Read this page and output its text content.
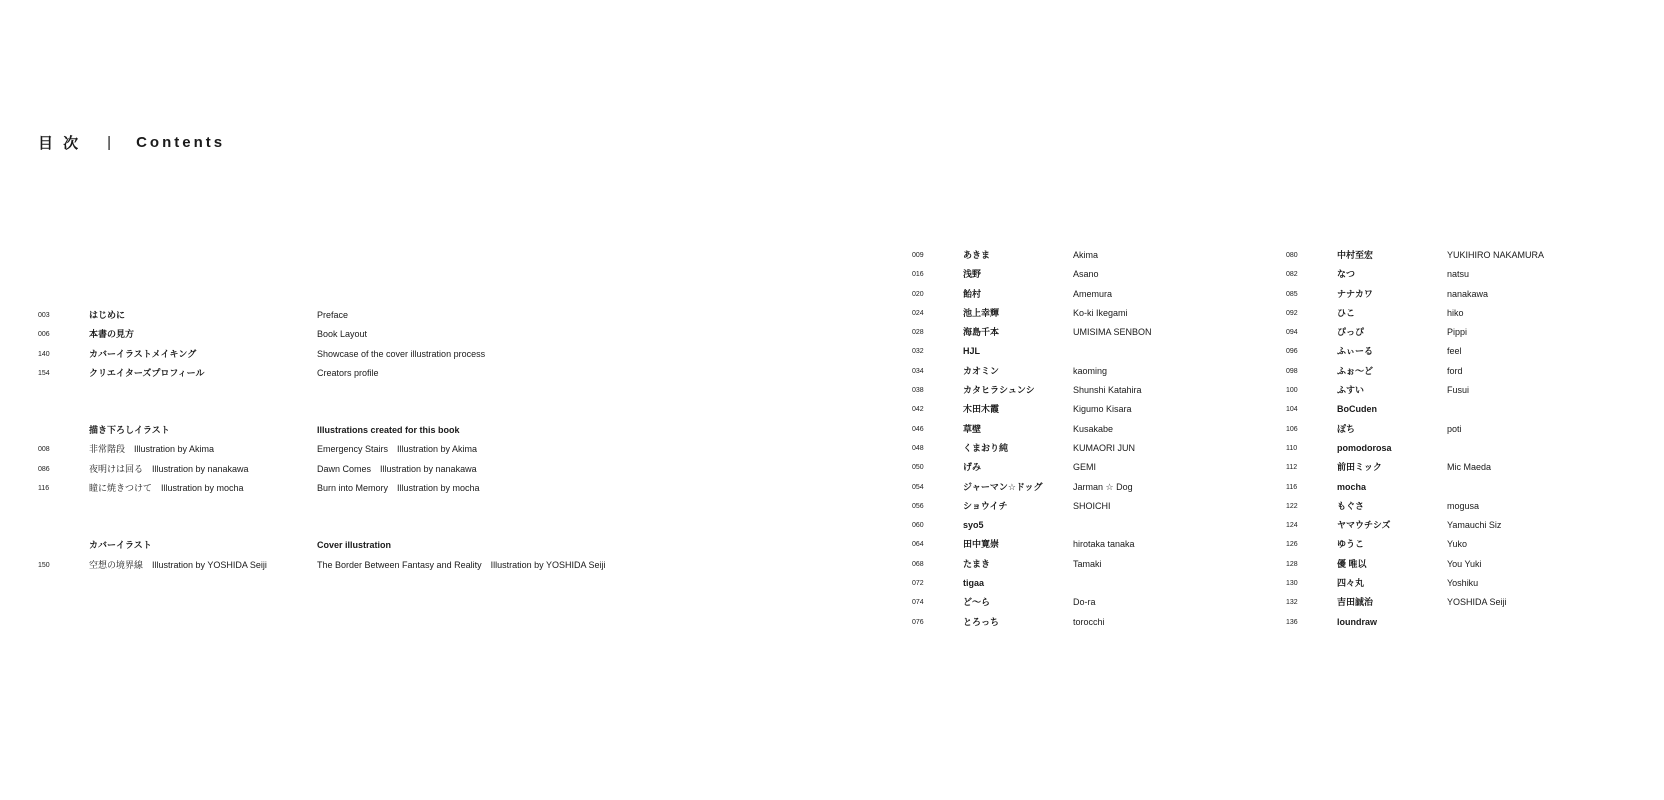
目 次 | Contents
003	はじめに	Preface
006	本書の見方	Book Layout
140	カバーイラストメイキング	Showcase of the cover illustration process
154	クリエイターズプロフィール	Creators profile
描き下ろしイラスト	Illustrations created for this book
008	非常階段　Illustration by Akima	Emergency Stairs　Illustration by Akima
086	夜明けは回る　Illustration by nanakawa	Dawn Comes　Illustration by nanakawa
116	瞳に焼きつけて　Illustration by mocha	Burn into Memory　Illustration by mocha
カバーイラスト	Cover illustration
150	空想の境界線　Illustration by YOSHIDA Seiji	The Border Between Fantasy and Reality　Illustration by YOSHIDA Seiji
009	あきま	Akima
016	浅野	Asano
020	飴村	Amemura
024	池上幸輝	Ko-ki Ikegami
028	海島千本	UMISIMA SENBON
032	HJL
034	カオミン	kaoming
038	カタヒラシュンシ	Shunshi Katahira
042	木田木霞	Kigumo Kisara
046	草壁	Kusakabe
048	くまおり純	KUMAORI JUN
050	げみ	GEMI
054	ジャーマン☆ドッグ	Jarman ☆ Dog
056	ショウイチ	SHOICHI
060	syo5
064	田中寛崇	hirotaka tanaka
068	たまき	Tamaki
072	tigaa
074	ど〜ら	Do-ra
076	とろっち	torocchi
080	中村至宏	YUKIHIRO NAKAMURA
082	なつ	natsu
085	ナナカワ	nanakawa
092	ひこ	hiko
094	ぴっぴ	Pippi
096	ふぃーる	feel
098	ふぉ〜ど	ford
100	ふすい	Fusui
104	BoCuden
106	ぽち	poti
110	pomodorosa
112	前田ミック	Mic Maeda
116	mocha
122	もぐさ	mogusa
124	ヤマウチシズ	Yamauchi Siz
126	ゆうこ	Yuko
128	優 唯以	You Yuki
130	四々丸	Yoshiku
132	吉田誠治	YOSHIDA Seiji
136	loundraw
